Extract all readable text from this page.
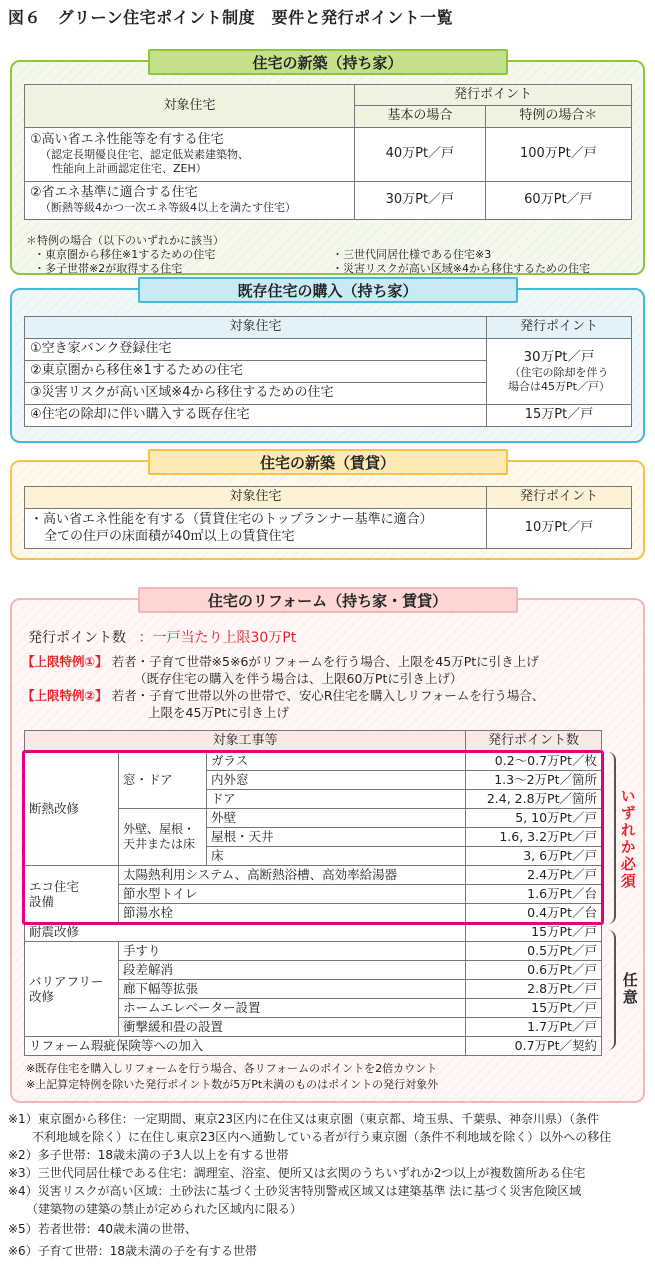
図６　グリーン住宅ポイント制度　要件と発行ポイント一覧
住宅の新築（持ち家）
対象住宅	発行ポイント	
	基本の場合	特例の場合＊

①高い省エネ性能等を有する住宅
（認定長期優良住宅、認定低炭素建築物、
性能向上計画認定住宅、ZEH）	40万Pt／戸	100万Pt／戸

②省エネ基準に適合する住宅
（断熱等級4かつ一次エネ等級4以上を満たす住宅）	30万Pt／戸	60万Pt／戸
＊特例の場合（以下のいずれかに該当）
・東京圏から移住※1するための住宅
・多子世帯※2が取得する住宅
・三世代同居仕様である住宅※3
・災害リスクが高い区域※4から移住するための住宅
既存住宅の購入（持ち家）
対象住宅	発行ポイント
①空き家バンク登録住宅	30万Pt／戸
（住宅の除却を伴う
場合は45万Pt／戸）

②東京圏から移住※1するための住宅	
③災害リスクが高い区域※4から移住するための住宅	
④住宅の除却に伴い購入する既存住宅	15万Pt／戸
住宅の新築（賃貸）
対象住宅	発行ポイント

・高い省エネ性能を有する（賃貸住宅のトップランナー基準に適合）
全ての住戸の床面積が40㎡以上の賃貸住宅	10万Pt／戸
住宅のリフォーム（持ち家・賃貸）
発行ポイント数 ：一戸当たり上限30万Pt
【上限特例①】 若者・子育て世帯※5※6がリフォームを行う場合、上限を45万Ptに引き上げ
（既存住宅の購入を伴う場合は、上限60万Ptに引き上げ）
【上限特例②】 若者・子育て世帯以外の世帯で、安心R住宅を購入しリフォームを行う場合、
上限を45万Ptに引き上げ
対象工事等			発行ポイント数
断熱改修	窓・ドア	ガラス	0.2〜0.7万Pt／枚
		内外窓	1.3〜2万Pt／箇所
		ドア	2.4, 2.8万Pt／箇所

	外壁、屋根・
天井または床	外壁	5, 10万Pt／戸
		屋根・天井	1.6, 3.2万Pt／戸
		床	3, 6万Pt／戸

エコ住宅
設備	太陽熱利用システム、高断熱浴槽、高効率給湯器		2.4万Pt／戸
	節水型トイレ		1.6万Pt／台
	節湯水栓		0.4万Pt／台
耐震改修			15万Pt／戸

バリアフリー
改修	手すり		0.5万Pt／戸
	段差解消		0.6万Pt／戸
	廊下幅等拡張		2.8万Pt／戸
	ホームエレベーター設置		15万Pt／戸
	衝撃緩和畳の設置		1.7万Pt／戸
リフォーム瑕疵保険等への加入			0.7万Pt／契約
いずれか必須
任意
※既存住宅を購入しリフォームを行う場合、各リフォームのポイントを2倍カウント
※上記算定特例を除いた発行ポイント数が5万Pt未満のものはポイントの発行対象外
※1）東京圏から移住：一定期間、東京23区内に在住又は東京圏（東京都、埼玉県、千葉県、神奈川県）（条件
　　不利地域を除く）に在住し東京23区内へ通勤している者が行う東京圏（条件不利地域を除く）以外への移住
※2）多子世帯：18歳未満の子3人以上を有する世帯
※3）三世代同居仕様である住宅：調理室、浴室、便所又は玄関のうちいずれか2つ以上が複数箇所ある住宅
※4）災害リスクが高い区域：土砂法に基づく土砂災害特別警戒区域又は建築基準 法に基づく災害危険区域
　　（建築物の建築の禁止が定められた区域内に限る）
※5）若者世帯：40歳未満の世帯、
※6）子育て世帯：18歳未満の子を有する世帯
